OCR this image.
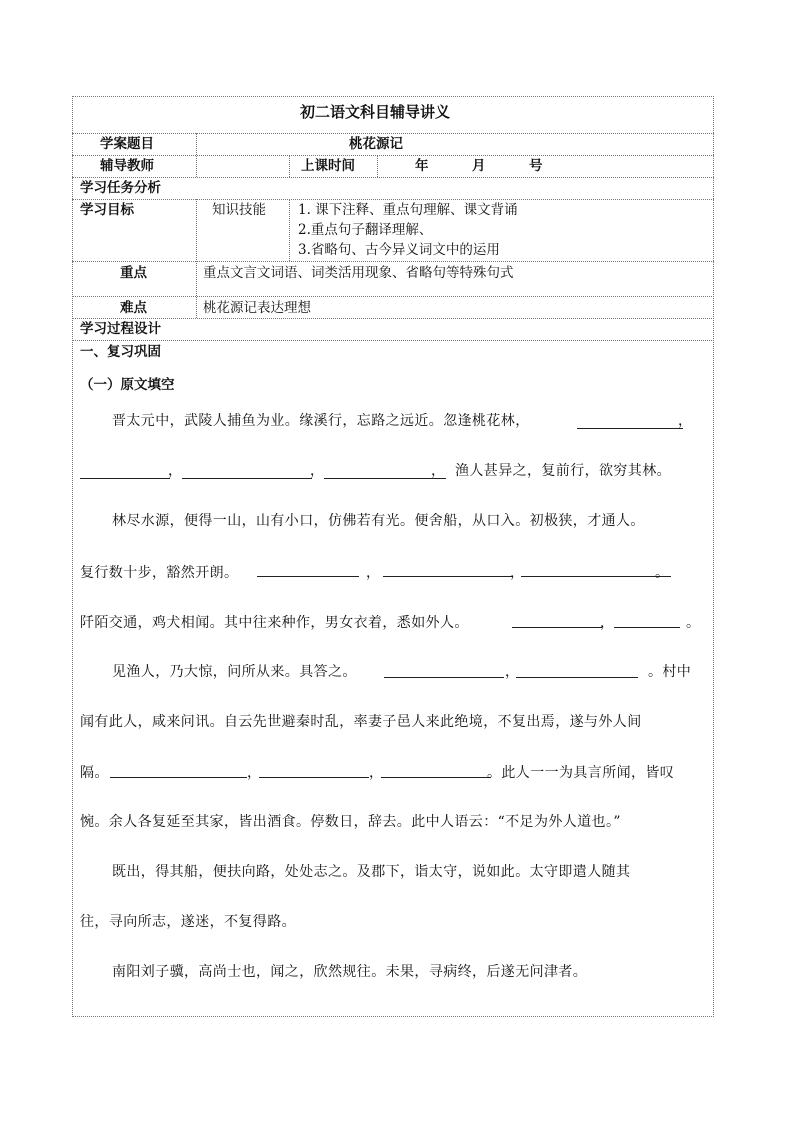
初二语文科目辅导讲义
学案题目	桃花源记
辅导教师	上课时间	年	月	号
学习任务分析
学习目标	知识技能 1. 课下注释、重点句理解、课文背诵
2.重点句子翻译理解、
3.省略句、古今异义词文中的运用
重点	重点文言文词语、词类活用现象、省略句等特殊句式
难点	桃花源记表达理想
学习过程设计
一、复习巩固
（一）原文填空
晋太元中，武陵人捕鱼为业。缘溪行，忘路之远近。忽逢桃花林，	，
，	，	， 渔人甚异之，复前行，欲穷其林。
林尽水源，便得一山，山有小口，仿佛若有光。便舍船，从口入。初极狭，才通人。
复行数十步，豁然开朗。	，	，	。
阡陌交通，鸡犬相闻。其中往来种作，男女衣着，悉如外人。	，	。
见渔人，乃大惊，问所从来。具答之。	，	。村中
闻有此人，咸来问讯。自云先世避秦时乱，率妻子邑人来此绝境，不复出焉，遂与外人间
隔。	，	，	。此人一一为具言所闻，皆叹
惋。余人各复延至其家，皆出酒食。停数日，辞去。此中人语云：“不足为外人道也。”
既出，得其船，便扶向路，处处志之。及郡下，诣太守，说如此。太守即遣人随其
往，寻向所志，遂迷，不复得路。
南阳刘子骥，高尚士也，闻之，欣然规往。未果，寻病终，后遂无问津者。
